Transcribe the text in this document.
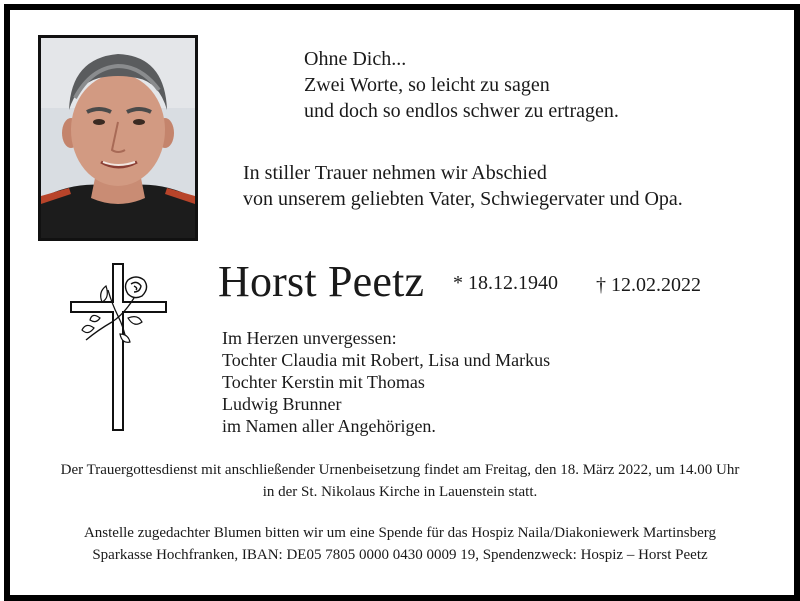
Ohne Dich...
Zwei Worte, so leicht zu sagen
und doch so endlos schwer zu ertragen.
In stiller Trauer nehmen wir Abschied
von unserem geliebten Vater, Schwiegervater und Opa.
Horst Peetz * 18.12.1940 † 12.02.2022
Im Herzen unvergessen:
Tochter Claudia mit Robert, Lisa und Markus
Tochter Kerstin mit Thomas
Ludwig Brunner
im Namen aller Angehörigen.
Der Trauergottesdienst mit anschließender Urnenbeisetzung findet am Freitag, den 18. März 2022, um 14.00 Uhr
in der St. Nikolaus Kirche in Lauenstein statt.
Anstelle zugedachter Blumen bitten wir um eine Spende für das Hospiz Naila/Diakoniewerk Martinsberg
Sparkasse Hochfranken, IBAN: DE05 7805 0000 0430 0009 19, Spendenzweck: Hospiz – Horst Peetz
